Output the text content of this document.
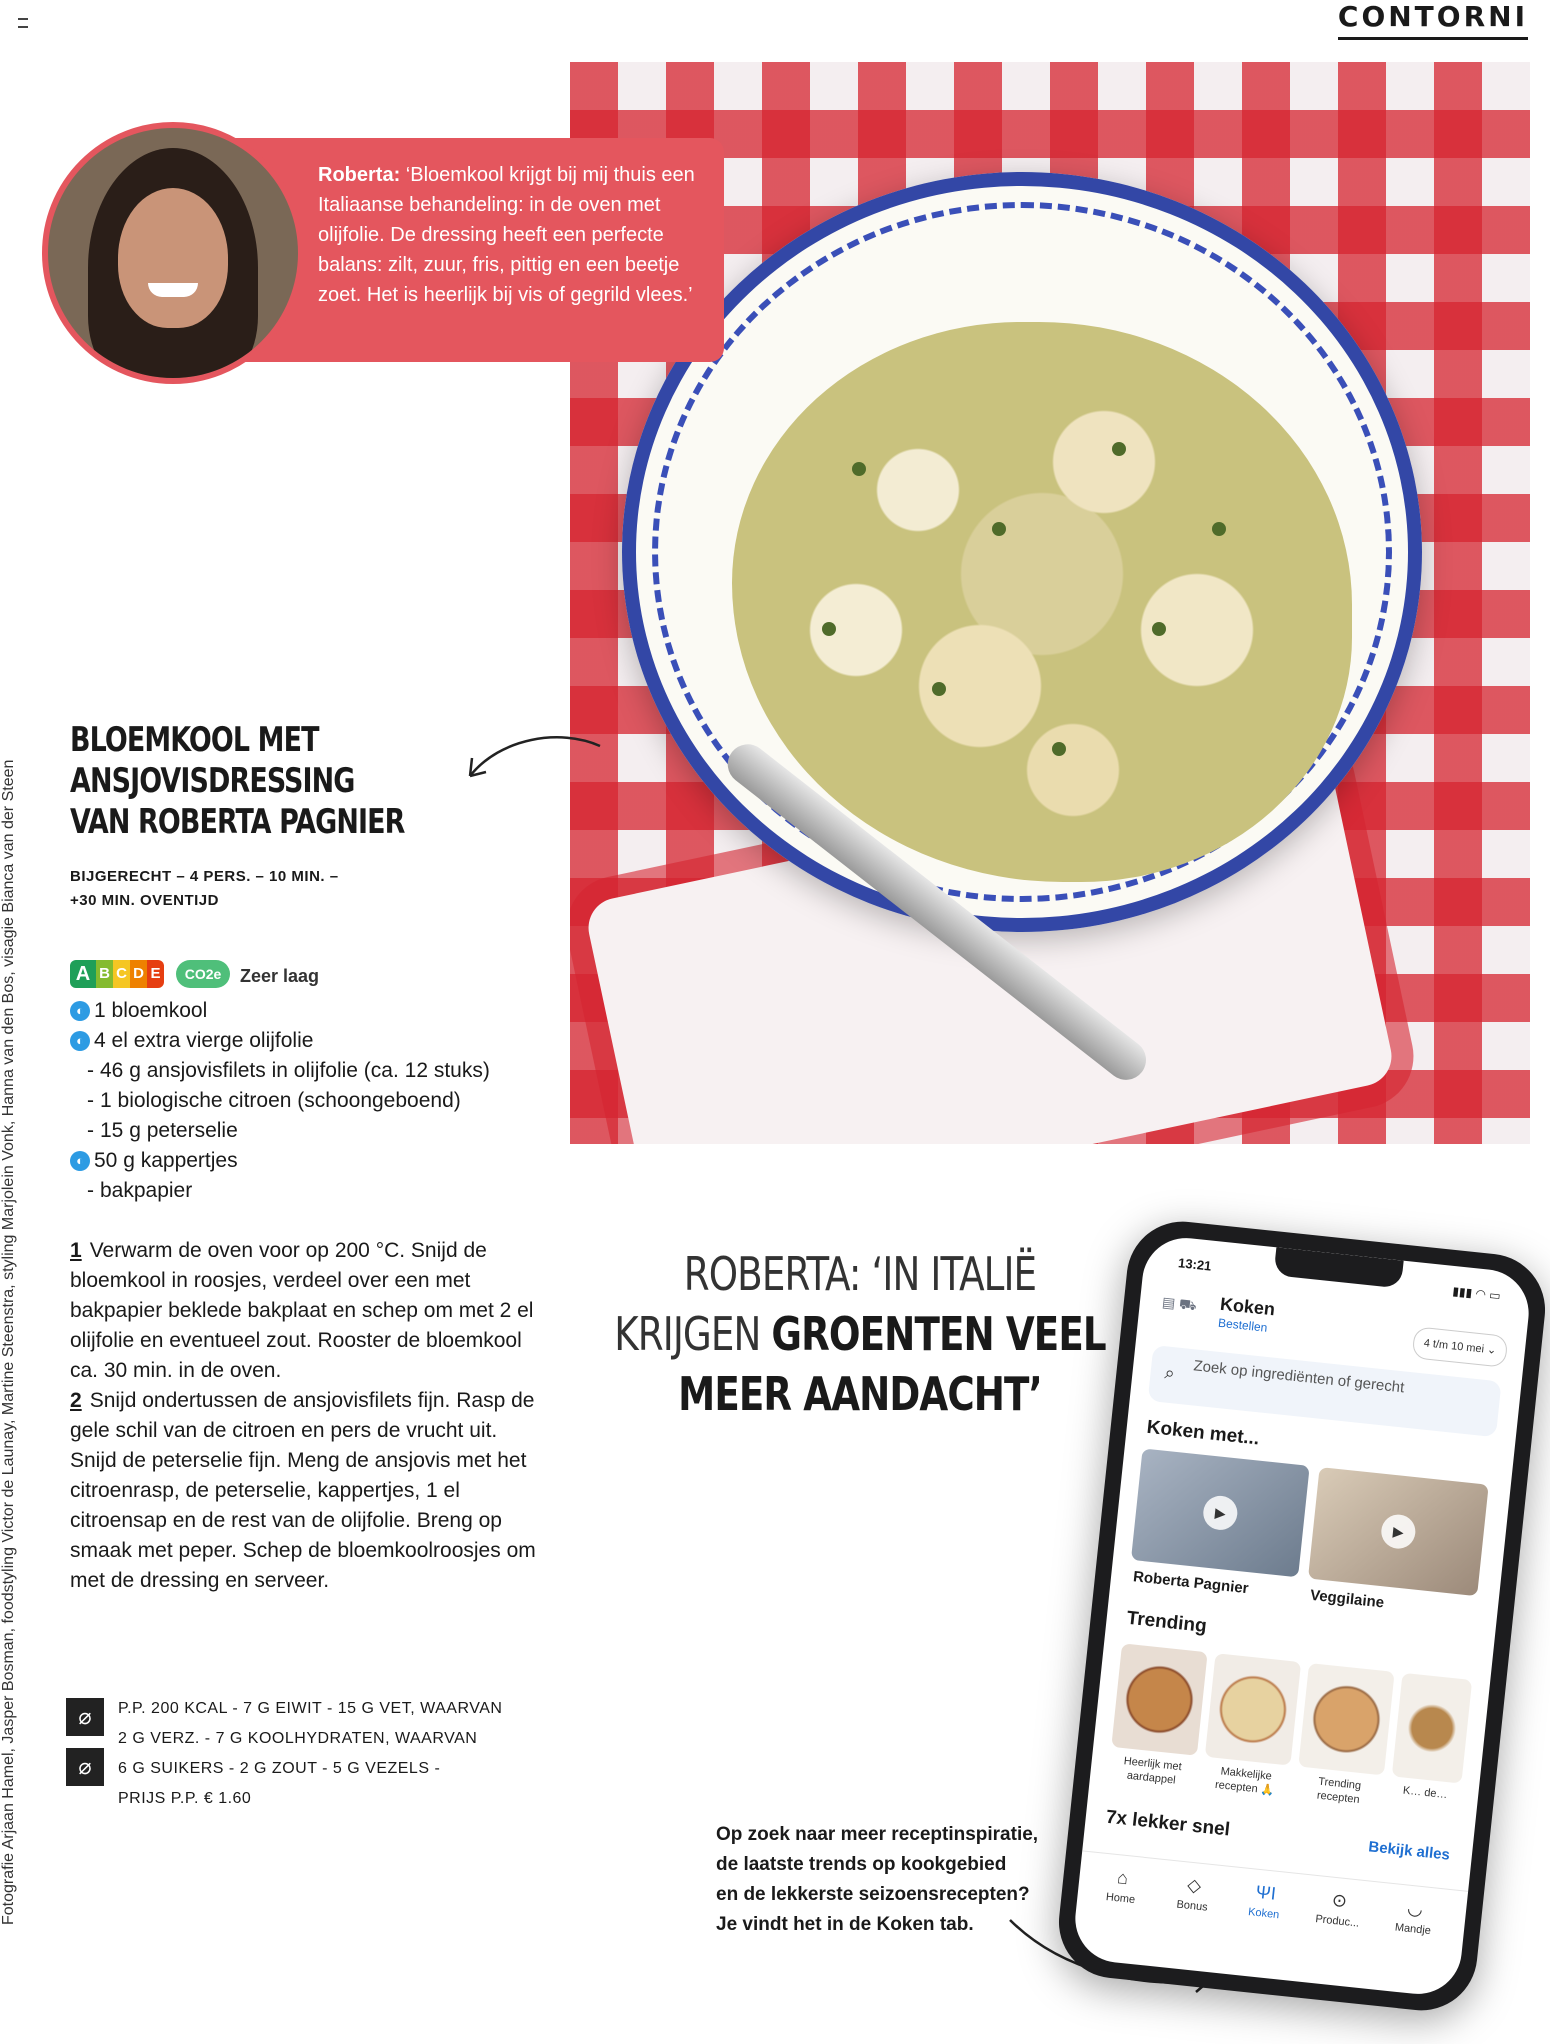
CONTORNI
Fotografie Arjaan Hamel, Jasper Bosman, foodstyling Victor de Launay, Martine Steenstra, styling Marjolein Vonk, Hanna van den Bos, visagie Bianca van der Steen
Roberta: ‘Bloemkool krijgt bij mij thuis een Italiaanse behandeling: in de oven met olijfolie. De dressing heeft een perfecte balans: zilt, zuur, fris, pittig en een beetje zoet. Het is heerlijk bij vis of gegrild vlees.’
BLOEMKOOL MET
ANSJOVISDRESSING
VAN ROBERTA PAGNIER
BIJGERECHT – 4 PERS. – 10 MIN. –
+30 MIN. OVENTIJD
A B C D E	CO2e	Zeer laag
◐ 1 bloemkool
◐ 4 el extra vierge olijfolie
- 46 g ansjovisfilets in olijfolie (ca. 12 stuks)
- 1 biologische citroen (schoongeboend)
- 15 g peterselie
◐ 50 g kappertjes
- bakpapier
1 Verwarm de oven voor op 200 °C. Snijd de bloemkool in roosjes, verdeel over een met bakpapier beklede bakplaat en schep om met 2 el olijfolie en eventueel zout. Rooster de bloemkool ca. 30 min. in de oven.
2 Snijd ondertussen de ansjovisfilets fijn. Rasp de gele schil van de citroen en pers de vrucht uit. Snijd de peterselie fijn. Meng de ansjovis met het citroenrasp, de peterselie, kappertjes, 1 el citroensap en de rest van de olijfolie. Breng op smaak met peper. Schep de bloemkoolroosjes om met de dressing en serveer.
⌀
⌀
P.P. 200 KCAL - 7 G EIWIT - 15 G VET, WAARVAN
2 G VERZ. - 7 G KOOLHYDRATEN, WAARVAN
6 G SUIKERS - 2 G ZOUT - 5 G VEZELS -
PRIJS P.P. € 1.60
ROBERTA: ‘IN ITALIË
KRIJGEN GROENTEN VEEL
MEER AANDACHT’
Op zoek naar meer receptinspiratie,
de laatste trends op kookgebied
en de lekkerste seizoensrecepten?
Je vindt het in de Koken tab.
13:21
▮▮▮ ◠ ▭
▤ ⛟ Koken
Bestellen
4 t/m 10 mei ⌄
⌕ Zoek op ingrediënten of gerecht
Koken met...
▶
▶
Roberta Pagnier
Veggilaine
Trending
Heerlijk met aardappel	Makkelijke recepten 🙏	Trending recepten	K… de…
7x lekker snel
Bekijk alles
⌂
Home
◇
Bonus
ΨΙ
Koken
⊙
Produc...
◡
Mandje
